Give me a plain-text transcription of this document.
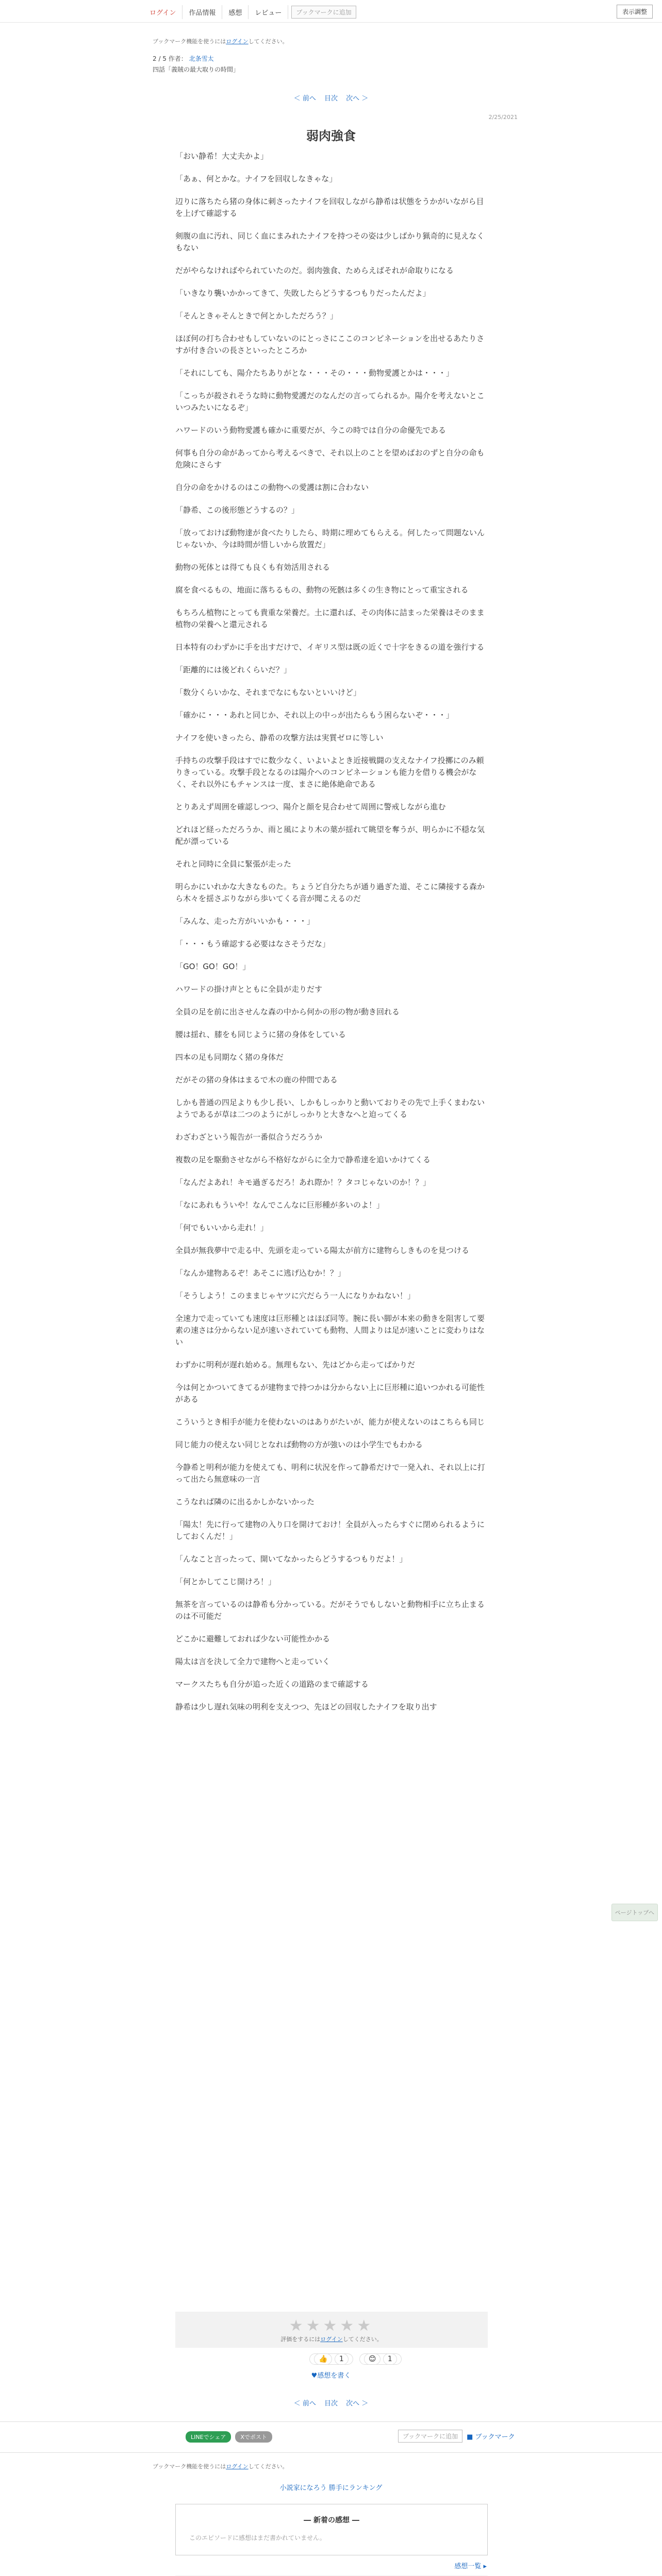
ログイン	作品情報	感想	レビュー	ブックマークに追加	表示調整
ブックマーク機能を使うにはログインしてください。
2 / 5 作者： 北条雪太
四話「義賊の最大取りの時間」
＜ 前へ 目次 次へ ＞
2/25/2021
弱肉強食
「おい静希！大丈夫かよ」
「あぁ、何とかな。ナイフを回収しなきゃな」
辺りに落ちたら猪の身体に刺さったナイフを回収しながら静希は状態をうかがいながら目を上げて確認する
剣腹の血に汚れ、同じく血にまみれたナイフを持つその姿は少しばかり猟奇的に見えなくもない
だがやらなければやられていたのだ。弱肉強食、ためらえばそれが命取りになる
「いきなり襲いかかってきて、失敗したらどうするつもりだったんだよ」
「そんときゃそんときで何とかしただろう？」
ほぼ何の打ち合わせもしていないのにとっさにここのコンビネーションを出せるあたりさすが付き合いの長さといったところか
「それにしても、陽介たちありがとな・・・その・・・動物愛護とかは・・・」
「こっちが殺されそうな時に動物愛護だのなんだの言ってられるか。陽介を考えないとこいつみたいになるぞ」
ハワードのいう動物愛護も確かに重要だが、今この時では自分の命優先である
何事も自分の命があってから考えるべきで、それ以上のことを望めばおのずと自分の命も危険にさらす
自分の命をかけるのはこの動物への愛護は割に合わない
「静希、この後形態どうするの？」
「放っておけば動物達が食べたりしたら、時期に埋めてもらえる。何したって問題ないんじゃないか、今は時間が惜しいから放置だ」
動物の死体とは得ても良くも有効活用される
腐を食べるもの、地面に落ちるもの、動物の死骸は多くの生き物にとって重宝される
もちろん植物にとっても貴重な栄養だ。土に還れば、その肉体に詰まった栄養はそのまま植物の栄養へと還元される
日本特有のわずかに手を出すだけで、イギリス型は既の近くで十字をきるの道を強行する
「距離的には後どれくらいだ？」
「数分くらいかな、それまでなにもないといいけど」
「確かに・・・あれと同じか、それ以上の中っが出たらもう困らないぞ・・・」
ナイフを使いきったら、静希の攻撃方法は実質ゼロに等しい
手持ちの攻撃手段はすでに数少なく、いよいよとき近接戦闘の支えなナイフ投擲にのみ頼りきっている。攻撃手段となるのは陽介へのコンビネーションも能力を借りる機会がなく、それ以外にもチャンスは一度、まさに絶体絶命である
とりあえず周囲を確認しつつ、陽介と顔を見合わせて周囲に警戒しながら進む
どれほど経っただろうか、雨と風により木の葉が揺れて眺望を奪うが、明らかに不穏な気配が漂っている
それと同時に全員に緊張が走った
明らかにいれかな大きなものた。ちょうど自分たちが通り過ぎた道、そこに隣接する森から木々を揺さぶりながら歩いてくる音が聞こえるのだ
「みんな、走った方がいいかも・・・」
「・・・もう確認する必要はなさそうだな」
「GO！GO！GO！」
ハワードの掛け声とともに全員が走りだす
全員の足を前に出させんな森の中から何かの形の物が動き回れる
腰は揺れ、膝をも同じように猪の身体をしている
四本の足も同期なく猪の身体だ
だがその猪の身体はまるで木の鹿の仲間である
しかも普通の四足よりも少し長い、しかもしっかりと動いておりその先で上手くまわないようであるが草は二つのようにがしっかりと大きなへと迫ってくる
わざわざという報告が一番似合うだろうか
複数の足を駆動させながら不格好ながらに全力で静希達を追いかけてくる
「なんだよあれ！キモ過ぎるだろ！あれ際か！？タコじゃないのか！？」
「なにあれもういや！なんでこんなに巨形種が多いのよ！」
「何でもいいから走れ！」
全員が無我夢中で走る中、先頭を走っている陽太が前方に建物らしきものを見つける
「なんか建物あるぞ！あそこに逃げ込むか！？」
「そうしよう！このままじゃヤツに穴だらう一人になりかねない！」
全速力で走っていても速度は巨形種とはほぼ同等。腕に長い脚が本来の動きを阻害して要素の速さは分からない足が速いされていても動物、人間よりは足が速いことに変わりはない
わずかに明利が遅れ始める。無理もない、先はどから走ってばかりだ
今は何とかついてきてるが建物まで持つかは分からない上に巨形種に追いつかれる可能性がある
こういうとき相手が能力を使わないのはありがたいが、能力が使えないのはこちらも同じ
同じ能力の使えない同じとなれば動物の方が強いのは小学生でもわかる
今静希と明利が能力を使えても、明利に状況を作って静希だけで一発入れ、それ以上に打って出たら無意味の一言
こうなれば隣のに出るかしかないかった
「陽太！先に行って建物の入り口を開けておけ！全員が入ったらすぐに閉められるようにしておくんだ！」
「んなこと言ったって、開いてなかったらどうするつもりだよ！」
「何とかしてこじ開けろ！」
無茶を言っているのは静希も分かっている。だがそうでもしないと動物相手に立ち止まるのは不可能だ
どこかに避難しておれば少ない可能性かかる
陽太は言を決して全力で建物へと走っていく
マークスたちも自分が追った近くの道路のまで確認する
静希は少し遅れ気味の明利を支えつつ、先ほどの回収したナイフを取り出す
★★★★★
評価をするにはログインしてください。
👍 1	😊 1
♥感想を書く
＜ 前へ 目次 次へ ＞
LINEでシェア	Xでポスト	ブックマークに追加	■ ブックマーク
ブックマーク機能を使うにはログインしてください。
小説家になろう 勝手にランキング
― 新着の感想 ―
このエピソードに感想はまだ書かれていません。
感想一覧 ▸
ページトップへ
